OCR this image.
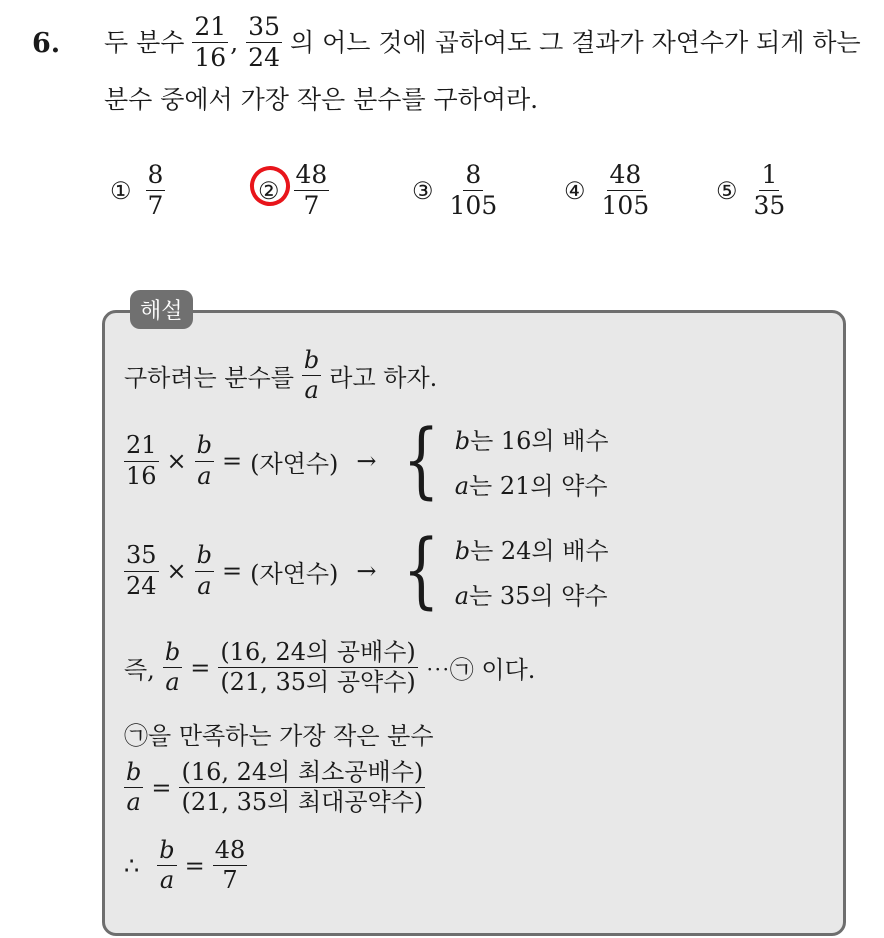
6. 두 분수 $\frac{21}{16}$ , $\frac{35}{24}$ 의 어느 것에 곱하여도 그 결과가 자연수가 되게 하는
분수 중에서 가장 작은 분수를 구하여라.
① $\frac{8}{7}$	② $\frac{48}{7}$	③ $\frac{8}{105}$	④ $\frac{48}{105}$	⑤ $\frac{1}{35}$
해설
구하려는 분수를 $\frac{b}{a}$ 라고 하자.
$\frac{21}{16} \times \frac{b}{a}$ = (자연수) → { b는 16의 배수
a는 21의 약수
$\frac{35}{24} \times \frac{b}{a}$ = (자연수) → { b는 24의 배수
a는 35의 약수
즉, $\frac{b}{a} = \frac{\text{(16, 24의 공배수)}}{\text{(21, 35의 공약수)}}$ ⋯㉠ 이다.
㉠을 만족하는 가장 작은 분수
$\frac{b}{a} = \frac{\text{(16, 24의 최소공배수)}}{\text{(21, 35의 최대공약수)}}$
∴ $\frac{b}{a} = \frac{48}{7}$
